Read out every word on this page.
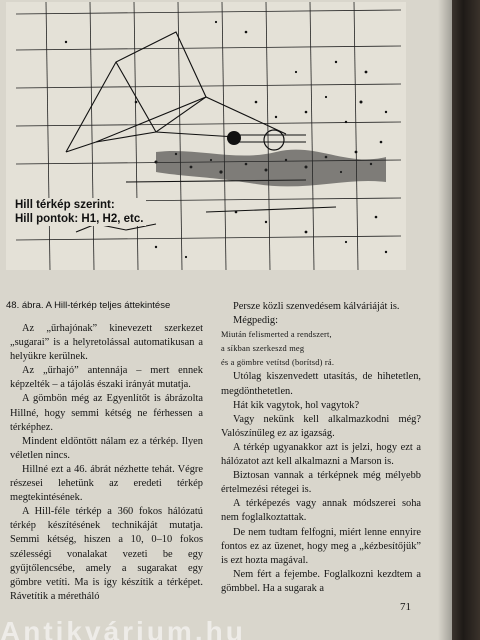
Hill térkép szerint:
Hill pontok: H1, H2, etc.
48. ábra. A Hill-térkép teljes áttekintése

Az „űrhajónak” kinevezett szerkezet „sugarai” is a helyretolással automatikusan a helyükre kerülnek.

Az „űrhajó” antennája – mert ennek képzelték – a tájolás északi irányát mutatja.

A gömbön még az Egyenlítőt is ábrázolta Hillné, hogy semmi kétség ne férhessen a térképhez.

Mindent eldöntött nálam ez a térkép. Ilyen véletlen nincs.

Hillné ezt a 46. ábrát nézhette tehát. Végre részesei lehetünk az eredeti térkép megtekintésének.

A Hill-féle térkép a 360 fokos hálózatú térkép készítésének technikáját mutatja. Semmi kétség, hiszen a 10, 0–10 fokos szélességi vonalakat vezeti be egy gyűjtőlencsébe, amely a sugarakat egy gömbre vetíti. Ma is így készítik a térképet. Rávetítik a méretháló

Persze közli szenvedésem kálváriáját is.

Mégpedig:

Miután felismerted a rendszert,

a síkban szerkeszd meg

és a gömbre vetítsd (borítsd) rá.

Utólag kiszenvedett utasítás, de hihetetlen, megdönthetetlen.

Hát kik vagytok, hol vagytok?

Vagy nekünk kell alkalmazkodni még? Valószínűleg ez az igazság.

A térkép ugyanakkor azt is jelzi, hogy ezt a hálózatot azt kell alkalmazni a Marson is.

Biztosan vannak a térképnek még mélyebb értelmezési rétegei is.

A térképezés vagy annak módszerei soha nem foglalkoztattak.

De nem tudtam felfogni, miért lenne ennyire fontos ez az üzenet, hogy meg a „kézbesítőjük” is ezt hozta magával.

Nem fért a fejembe. Foglalkozni kezdtem a gömbbel. Ha a sugarak a

71
Antikvárium.hu
